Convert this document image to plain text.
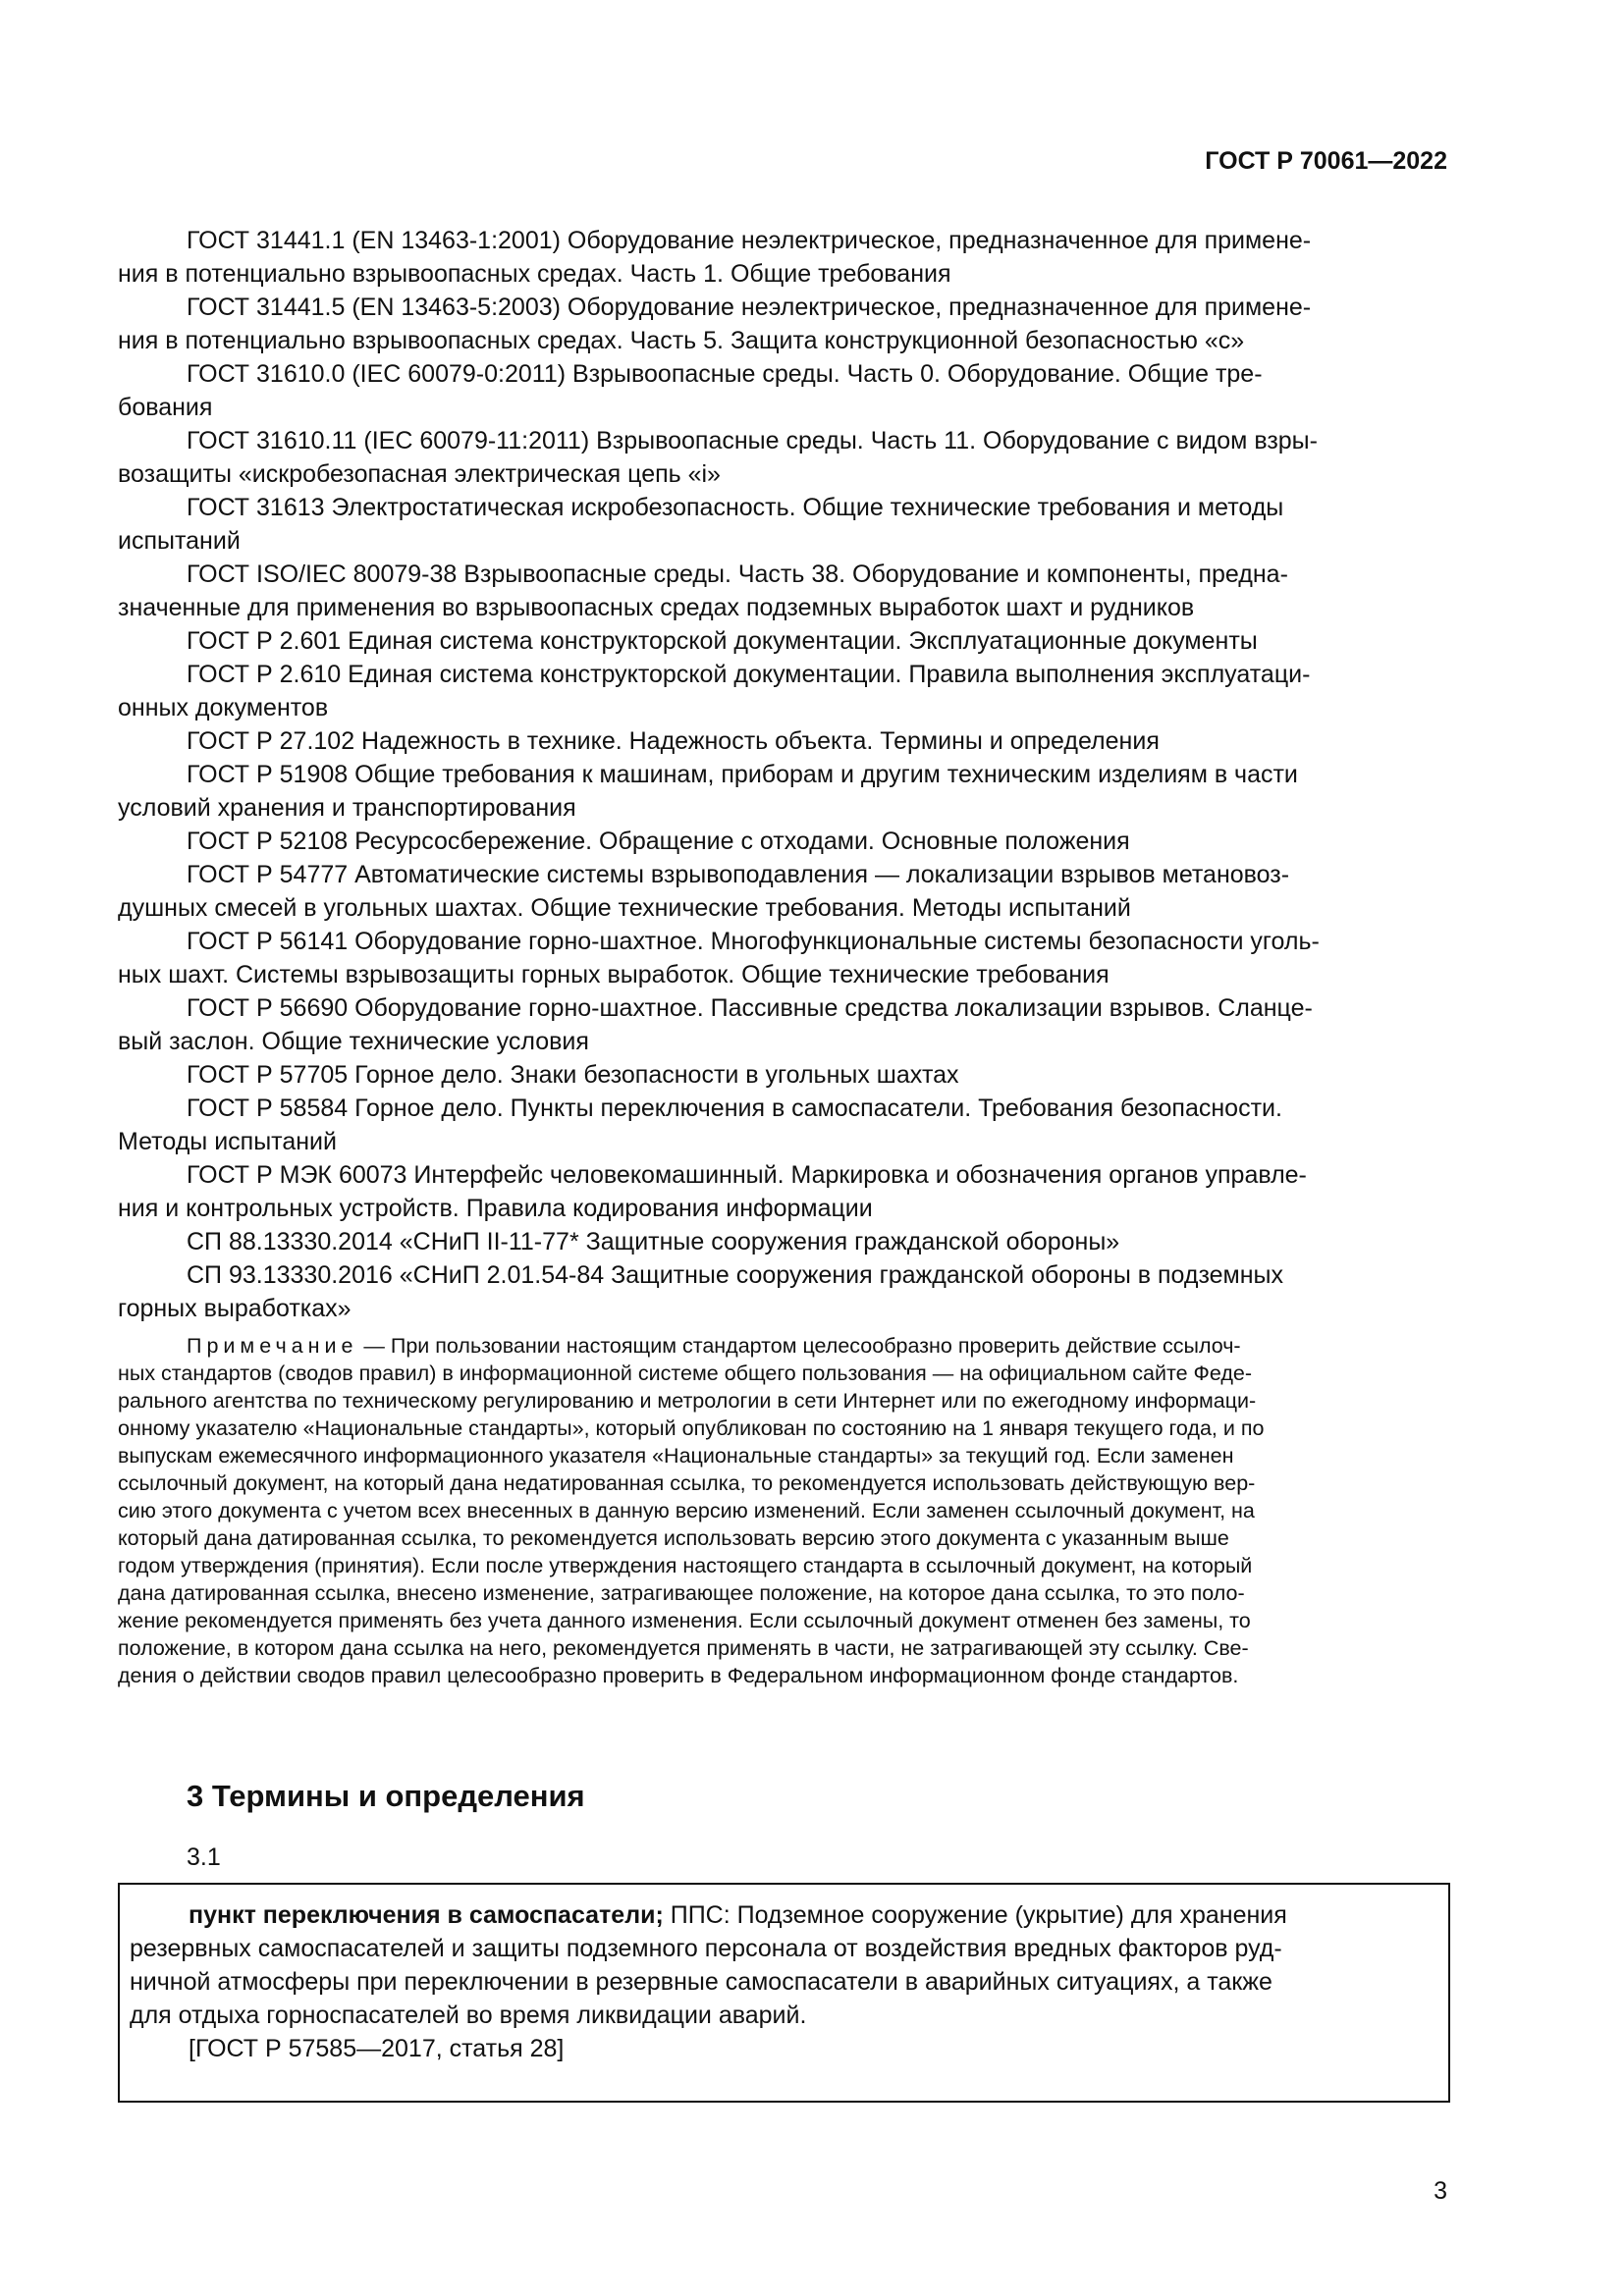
ГОСТ Р 70061—2022
ГОСТ 31441.1 (EN 13463-1:2001) Оборудование неэлектрическое, предназначенное для примене-
ния в потенциально взрывоопасных средах. Часть 1. Общие требования
ГОСТ 31441.5 (EN 13463-5:2003) Оборудование неэлектрическое, предназначенное для примене-
ния в потенциально взрывоопасных средах. Часть 5. Защита конструкционной безопасностью «с»
ГОСТ 31610.0 (IEC 60079-0:2011) Взрывоопасные среды. Часть 0. Оборудование. Общие тре-
бования
ГОСТ 31610.11 (IEC 60079-11:2011) Взрывоопасные среды. Часть 11. Оборудование с видом взры-
возащиты «искробезопасная электрическая цепь «i»
ГОСТ 31613 Электростатическая искробезопасность. Общие технические требования и методы
испытаний
ГОСТ ISO/IEC 80079-38 Взрывоопасные среды. Часть 38. Оборудование и компоненты, предна-
значенные для применения во взрывоопасных средах подземных выработок шахт и рудников
ГОСТ Р 2.601 Единая система конструкторской документации. Эксплуатационные документы
ГОСТ Р 2.610 Единая система конструкторской документации. Правила выполнения эксплуатаци-
онных документов
ГОСТ Р 27.102 Надежность в технике. Надежность объекта. Термины и определения
ГОСТ Р 51908 Общие требования к машинам, приборам и другим техническим изделиям в части
условий хранения и транспортирования
ГОСТ Р 52108 Ресурсосбережение. Обращение с отходами. Основные положения
ГОСТ Р 54777 Автоматические системы взрывоподавления — локализации взрывов метановоз-
душных смесей в угольных шахтах. Общие технические требования. Методы испытаний
ГОСТ Р 56141 Оборудование горно-шахтное. Многофункциональные системы безопасности уголь-
ных шахт. Системы взрывозащиты горных выработок. Общие технические требования
ГОСТ Р 56690 Оборудование горно-шахтное. Пассивные средства локализации взрывов. Сланце-
вый заслон. Общие технические условия
ГОСТ Р 57705 Горное дело. Знаки безопасности в угольных шахтах
ГОСТ Р 58584 Горное дело. Пункты переключения в самоспасатели. Требования безопасности.
Методы испытаний
ГОСТ Р МЭК 60073 Интерфейс человекомашинный. Маркировка и обозначения органов управле-
ния и контрольных устройств. Правила кодирования информации
СП 88.13330.2014 «СНиП II-11-77* Защитные сооружения гражданской обороны»
СП 93.13330.2016 «СНиП 2.01.54-84 Защитные сооружения гражданской обороны в подземных
горных выработках»
Примечание — При пользовании настоящим стандартом целесообразно проверить действие ссылоч-
ных стандартов (сводов правил) в информационной системе общего пользования — на официальном сайте Феде-
рального агентства по техническому регулированию и метрологии в сети Интернет или по ежегодному информаци-
онному указателю «Национальные стандарты», который опубликован по состоянию на 1 января текущего года, и по
выпускам ежемесячного информационного указателя «Национальные стандарты» за текущий год. Если заменен
ссылочный документ, на который дана недатированная ссылка, то рекомендуется использовать действующую вер-
сию этого документа с учетом всех внесенных в данную версию изменений. Если заменен ссылочный документ, на
который дана датированная ссылка, то рекомендуется использовать версию этого документа с указанным выше
годом утверждения (принятия). Если после утверждения настоящего стандарта в ссылочный документ, на который
дана датированная ссылка, внесено изменение, затрагивающее положение, на которое дана ссылка, то это поло-
жение рекомендуется применять без учета данного изменения. Если ссылочный документ отменен без замены, то
положение, в котором дана ссылка на него, рекомендуется применять в части, не затрагивающей эту ссылку. Све-
дения о действии сводов правил целесообразно проверить в Федеральном информационном фонде стандартов.
3 Термины и определения
3.1
пункт переключения в самоспасатели; ППС: Подземное сооружение (укрытие) для хранения
резервных самоспасателей и защиты подземного персонала от воздействия вредных факторов руд-
ничной атмосферы при переключении в резервные самоспасатели в аварийных ситуациях, а также
для отдыха горноспасателей во время ликвидации аварий.
[ГОСТ Р 57585—2017, статья 28]
3
